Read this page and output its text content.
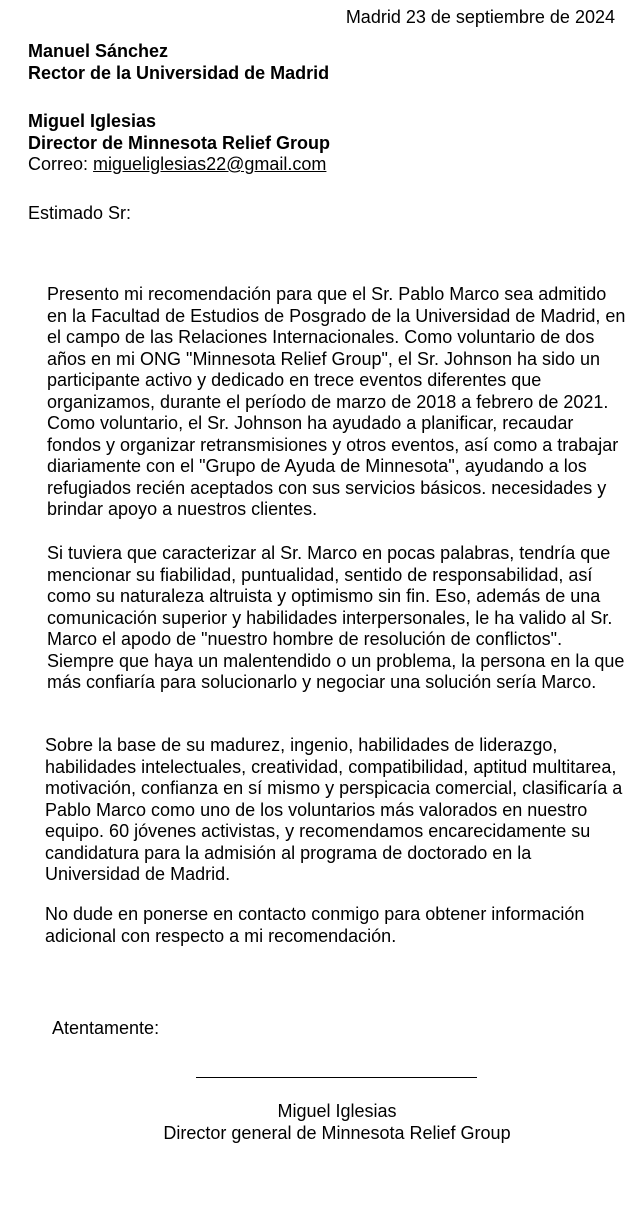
Madrid 23 de septiembre de 2024
Manuel Sánchez
Rector de la Universidad de Madrid
Miguel Iglesias
Director de Minnesota Relief Group
Correo: migueliglesias22@gmail.com

Estimado Sr:

Presento mi recomendación para que el Sr. Pablo Marco sea admitido en la Facultad de Estudios de Posgrado de la Universidad de Madrid, en el campo de las Relaciones Internacionales. Como voluntario de dos años en mi ONG "Minnesota Relief Group", el Sr. Johnson ha sido un participante activo y dedicado en trece eventos diferentes que organizamos, durante el período de marzo de 2018 a febrero de 2021. Como voluntario, el Sr. Johnson ha ayudado a planificar, recaudar fondos y organizar retransmisiones y otros eventos, así como a trabajar diariamente con el "Grupo de Ayuda de Minnesota", ayudando a los refugiados recién aceptados con sus servicios básicos. necesidades y brindar apoyo a nuestros clientes.

Si tuviera que caracterizar al Sr. Marco en pocas palabras, tendría que mencionar su fiabilidad, puntualidad, sentido de responsabilidad, así como su naturaleza altruista y optimismo sin fin. Eso, además de una comunicación superior y habilidades interpersonales, le ha valido al Sr. Marco el apodo de "nuestro hombre de resolución de conflictos". Siempre que haya un malentendido o un problema, la persona en la que más confiaría para solucionarlo y negociar una solución sería Marco.

Sobre la base de su madurez, ingenio, habilidades de liderazgo, habilidades intelectuales, creatividad, compatibilidad, aptitud multitarea, motivación, confianza en sí mismo y perspicacia comercial, clasificaría a Pablo Marco como uno de los voluntarios más valorados en nuestro equipo. 60 jóvenes activistas, y recomendamos encarecidamente su candidatura para la admisión al programa de doctorado en la Universidad de Madrid.

No dude en ponerse en contacto conmigo para obtener información adicional con respecto a mi recomendación.

Atentamente:

Miguel Iglesias
Director general de Minnesota Relief Group
